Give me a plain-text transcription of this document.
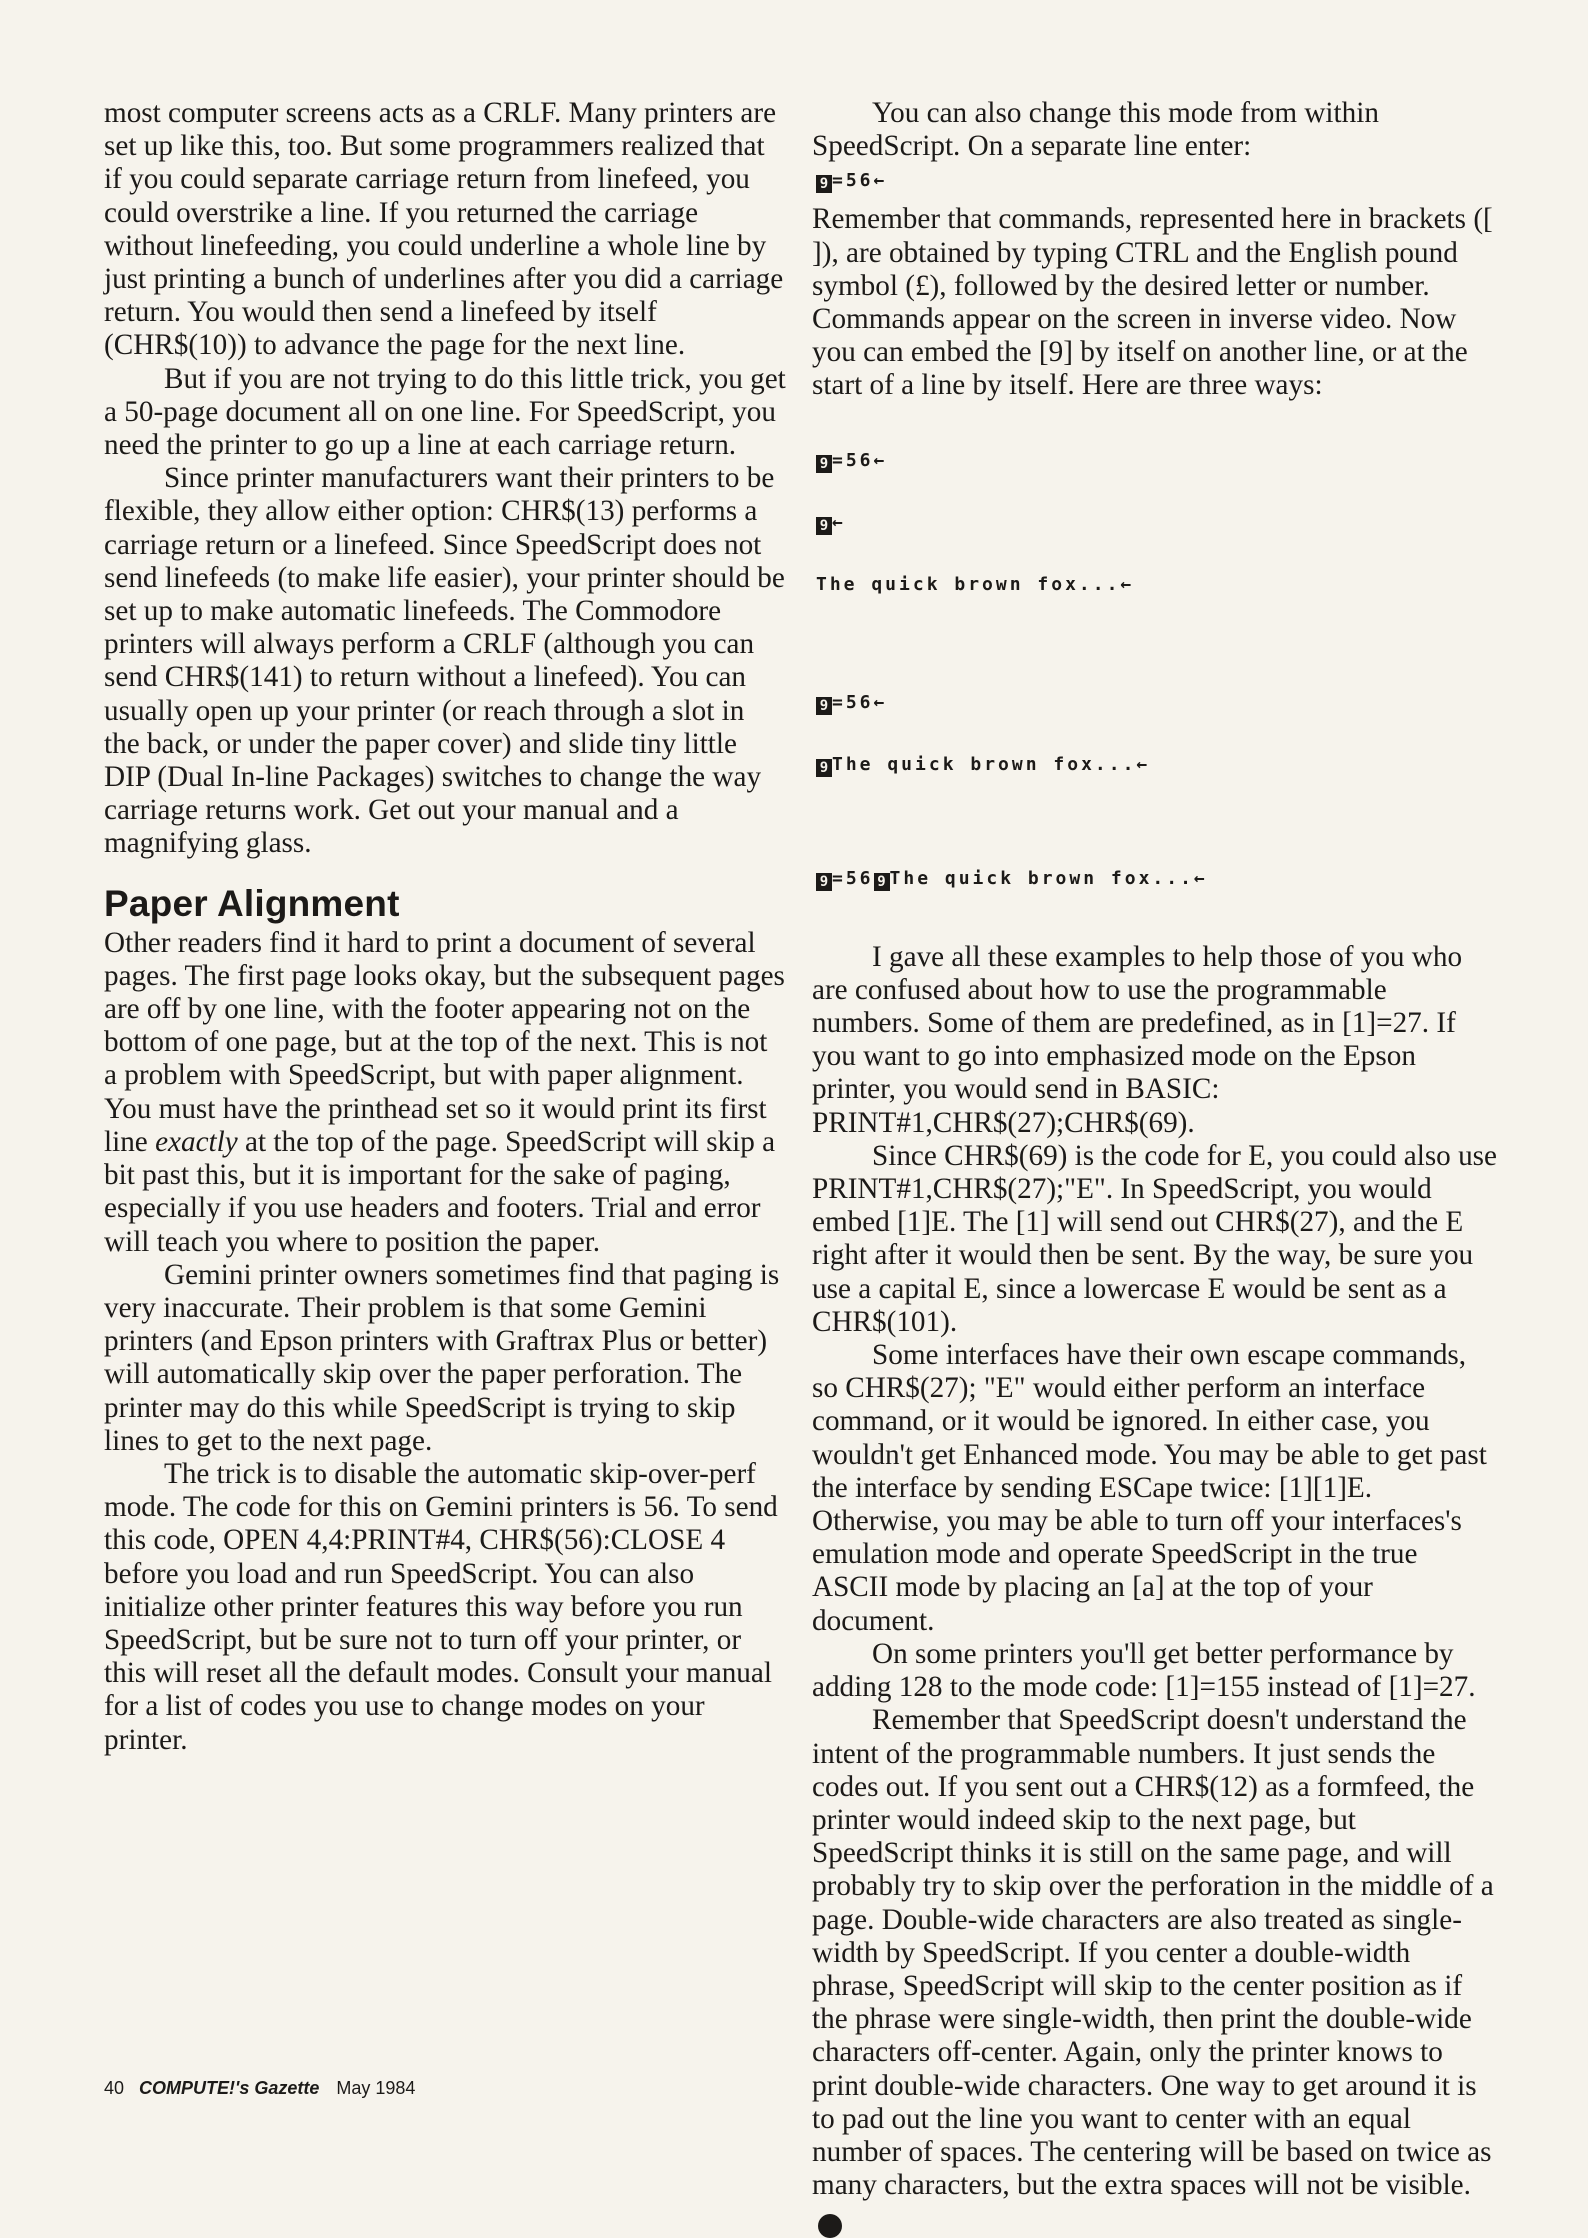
most computer screens acts as a CRLF. Many printers are set up like this, too. But some programmers realized that if you could separate carriage return from linefeed, you could overstrike a line. If you returned the carriage without linefeeding, you could underline a whole line by just printing a bunch of underlines after you did a carriage return. You would then send a linefeed by itself (CHR$(10)) to advance the page for the next line.

But if you are not trying to do this little trick, you get a 50-page document all on one line. For SpeedScript, you need the printer to go up a line at each carriage return.

Since printer manufacturers want their printers to be flexible, they allow either option: CHR$(13) performs a carriage return or a linefeed. Since SpeedScript does not send linefeeds (to make life easier), your printer should be set up to make automatic linefeeds. The Commodore printers will always perform a CRLF (although you can send CHR$(141) to return without a linefeed). You can usually open up your printer (or reach through a slot in the back, or under the paper cover) and slide tiny little DIP (Dual In-line Packages) switches to change the way carriage returns work. Get out your manual and a magnifying glass.

Paper Alignment

Other readers find it hard to print a document of several pages. The first page looks okay, but the subsequent pages are off by one line, with the footer appearing not on the bottom of one page, but at the top of the next. This is not a problem with SpeedScript, but with paper alignment. You must have the printhead set so it would print its first line exactly at the top of the page. SpeedScript will skip a bit past this, but it is important for the sake of paging, especially if you use headers and footers. Trial and error will teach you where to position the paper.

Gemini printer owners sometimes find that paging is very inaccurate. Their problem is that some Gemini printers (and Epson printers with Graftrax Plus or better) will automatically skip over the paper perforation. The printer may do this while SpeedScript is trying to skip lines to get to the next page.

The trick is to disable the automatic skip-over-perf mode. The code for this on Gemini printers is 56. To send this code, OPEN 4,4:PRINT#4, CHR$(56):CLOSE 4 before you load and run SpeedScript. You can also initialize other printer features this way before you run SpeedScript, but be sure not to turn off your printer, or this will reset all the default modes. Consult your manual for a list of codes you use to change modes on your printer.

You can also change this mode from within SpeedScript. On a separate line enter:

9 =56←

Remember that commands, represented here in brackets ([ ]), are obtained by typing CTRL and the English pound symbol (£), followed by the desired letter or number. Commands appear on the screen in inverse video. Now you can embed the [9] by itself on another line, or at the start of a line by itself. Here are three ways:

9 =56←

9 ←

The quick brown fox...←

9 =56←

9 The quick brown fox...←

9 =56 9 The quick brown fox...←

I gave all these examples to help those of you who are confused about how to use the programmable numbers. Some of them are predefined, as in [1]=27. If you want to go into emphasized mode on the Epson printer, you would send in BASIC: PRINT#1,CHR$(27);CHR$(69).

Since CHR$(69) is the code for E, you could also use PRINT#1,CHR$(27);"E". In SpeedScript, you would embed [1]E. The [1] will send out CHR$(27), and the E right after it would then be sent. By the way, be sure you use a capital E, since a lowercase E would be sent as a CHR$(101).

Some interfaces have their own escape commands, so CHR$(27); "E" would either perform an interface command, or it would be ignored. In either case, you wouldn't get Enhanced mode. You may be able to get past the interface by sending ESCape twice: [1][1]E. Otherwise, you may be able to turn off your interfaces's emulation mode and operate SpeedScript in the true ASCII mode by placing an [a] at the top of your document.

On some printers you'll get better performance by adding 128 to the mode code: [1]=155 instead of [1]=27.

Remember that SpeedScript doesn't understand the intent of the programmable numbers. It just sends the codes out. If you sent out a CHR$(12) as a formfeed, the printer would indeed skip to the next page, but SpeedScript thinks it is still on the same page, and will probably try to skip over the perforation in the middle of a page. Double-wide characters are also treated as single-width by SpeedScript. If you center a double-width phrase, SpeedScript will skip to the center position as if the phrase were single-width, then print the double-wide characters off-center. Again, only the printer knows to print double-wide characters. One way to get around it is to pad out the line you want to center with an equal number of spaces. The centering will be based on twice as many characters, but the extra spaces will not be visible.G

40 COMPUTE!'s Gazette May 1984
